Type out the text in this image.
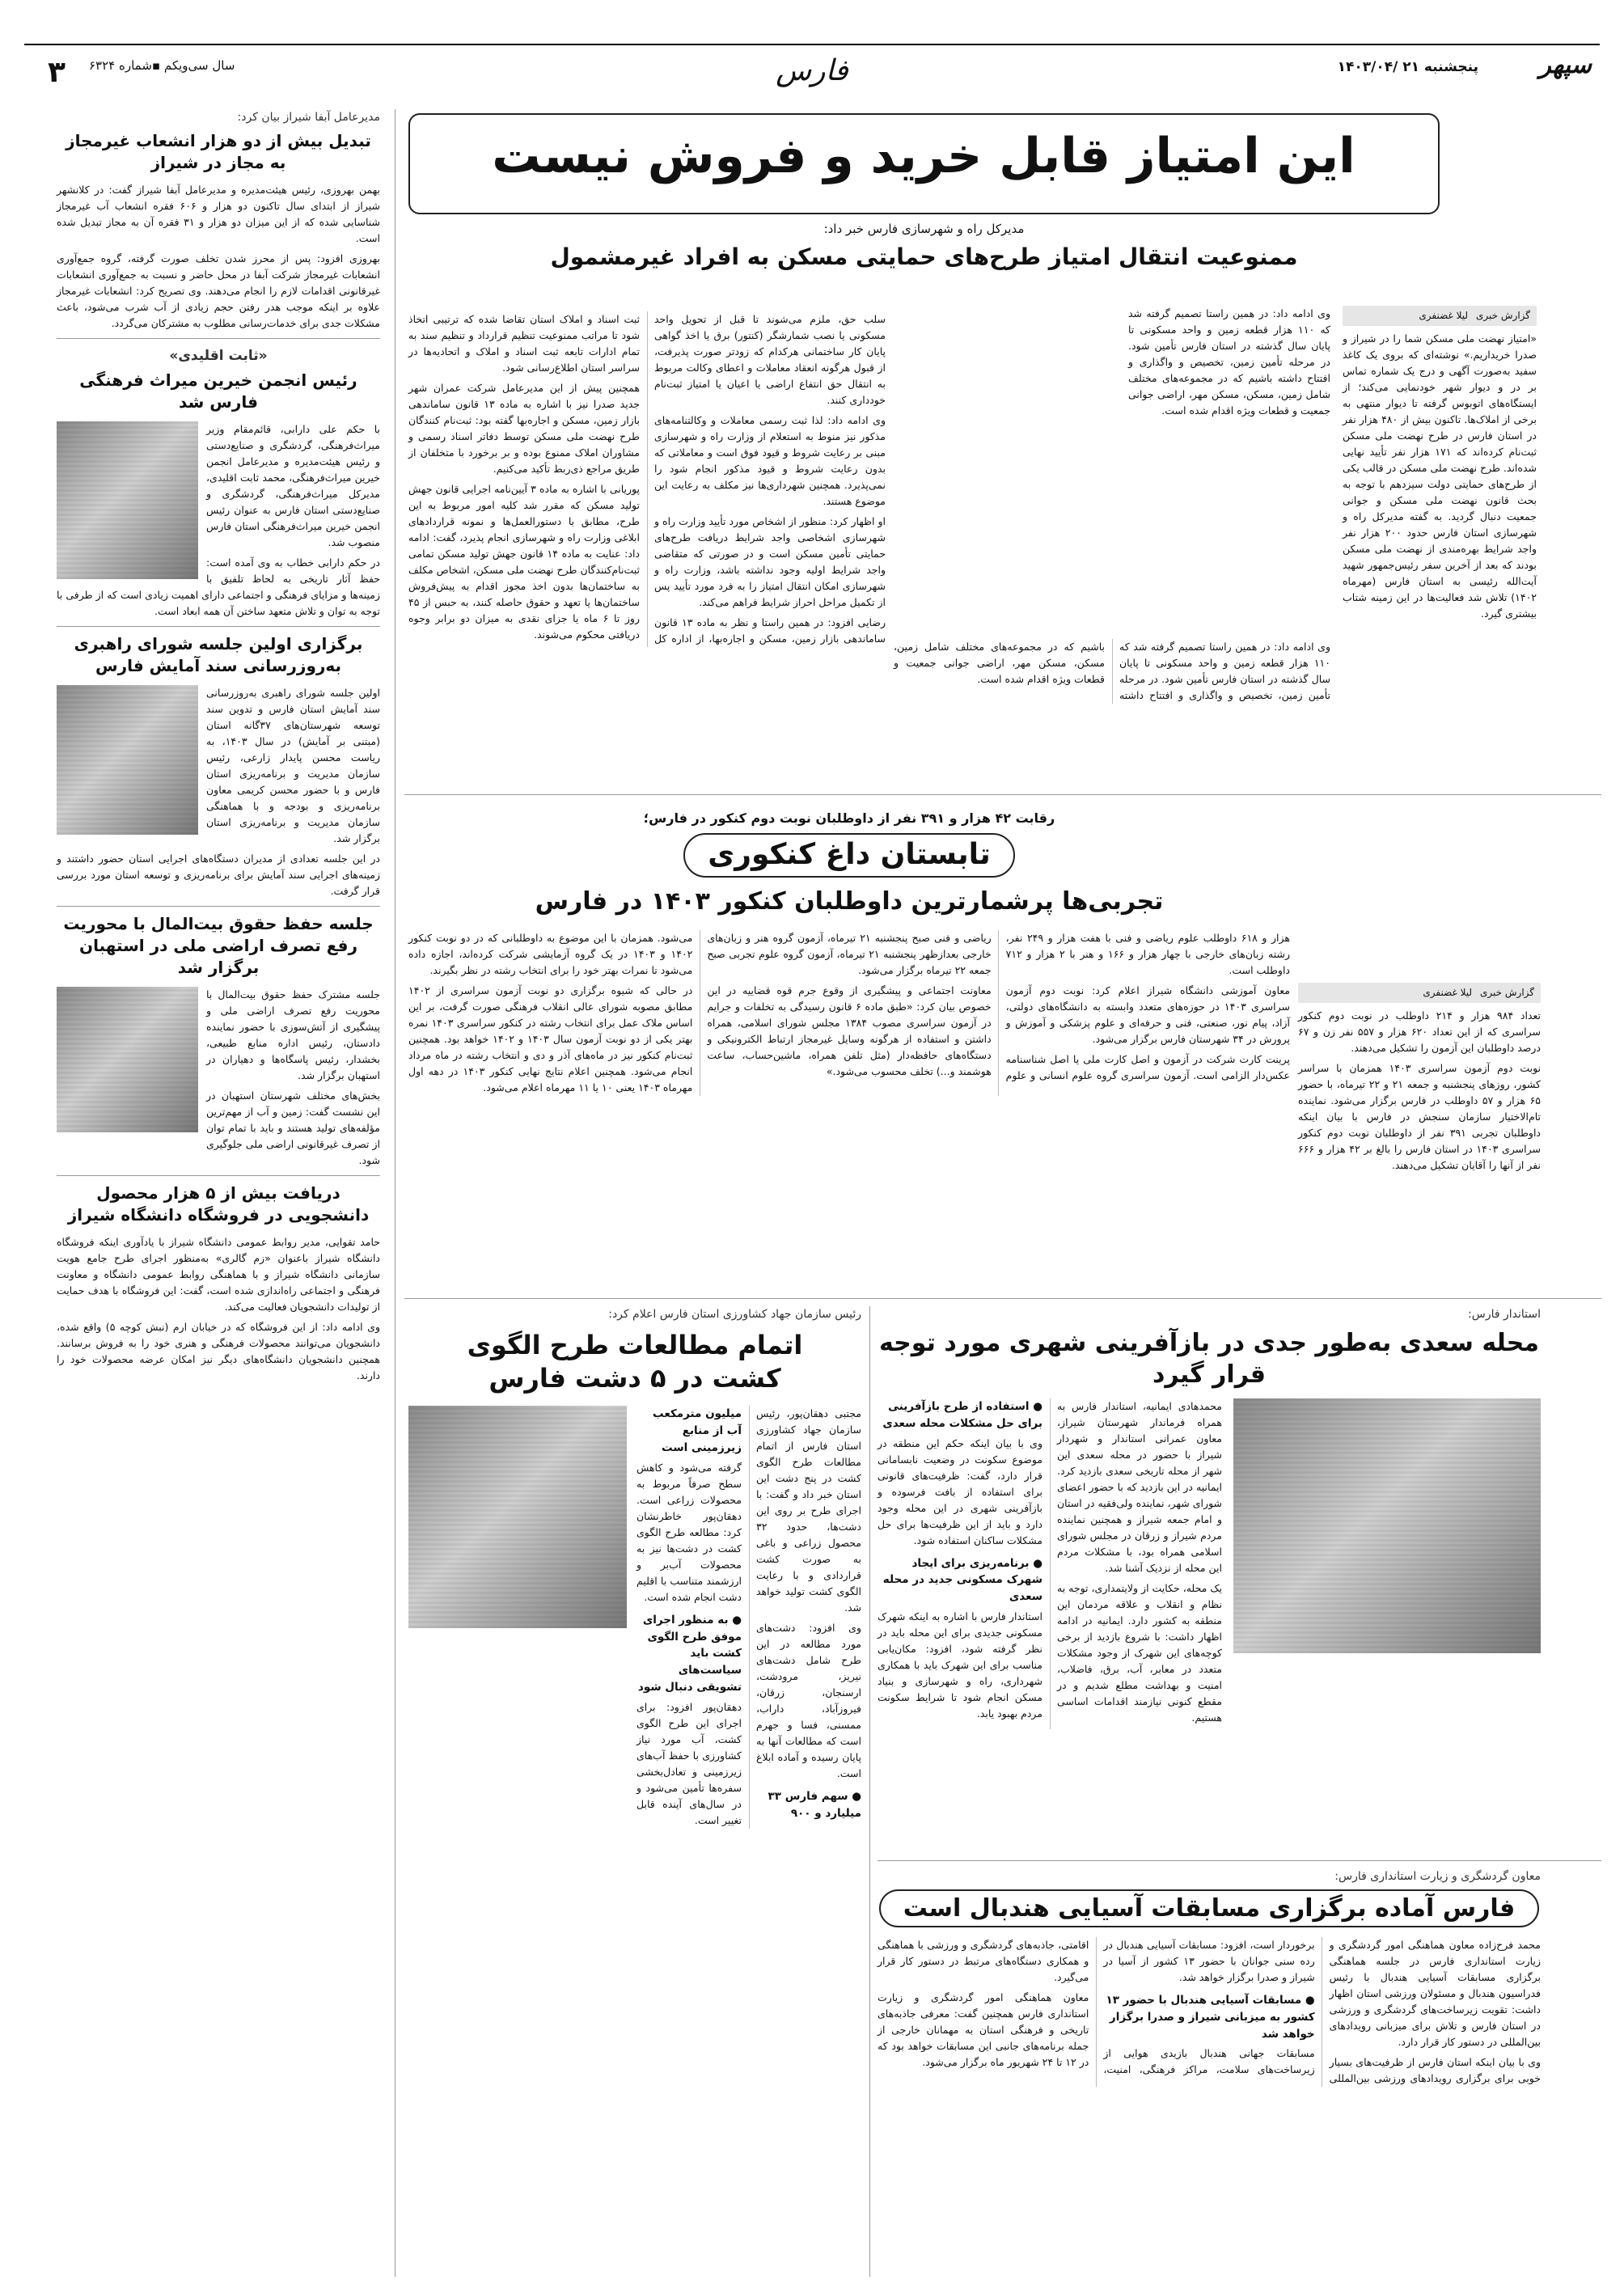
سپهر
پنجشنبه ۲۱ /۱۴۰۳/۰۴
فارس
سال سی‌ویکم ▪شماره ۶۳۲۴
۳

مدیرعامل آبفا شیراز بیان کرد:

تبدیل بیش از دو هزار انشعاب غیرمجاز به مجاز در شیراز

بهمن بهروزی، رئیس هیئت‌مدیره و مدیرعامل آبفا شیراز گفت: در کلانشهر شیراز از ابتدای سال تاکنون دو هزار و ۶۰۶ فقره انشعاب آب غیرمجاز شناسایی شده که از این میزان دو هزار و ۳۱ فقره آن به مجاز تبدیل شده است.

بهروزی افزود: پس از محرز شدن تخلف صورت گرفته، گروه جمع‌آوری انشعابات غیرمجاز شرکت آبفا در محل حاضر و نسبت به جمع‌آوری انشعابات غیرقانونی اقدامات لازم را انجام می‌دهند. وی تصریح کرد: انشعابات غیرمجاز علاوه بر اینکه موجب هدر رفتن حجم زیادی از آب شرب می‌شود، باعث مشکلات جدی برای خدمات‌رسانی مطلوب به مشترکان می‌گردد.

«ثابت اقلیدی»

رئیس انجمن خیرین میراث فرهنگی فارس شد

با حکم علی دارابی، قائم‌مقام وزیر میراث‌فرهنگی، گردشگری و صنایع‌دستی و رئیس هیئت‌مدیره و مدیرعامل انجمن خیرین میراث‌فرهنگی، محمد ثابت اقلیدی، مدیرکل میراث‌فرهنگی، گردشگری و صنایع‌دستی استان فارس به عنوان رئیس انجمن خیرین میراث‌فرهنگی استان فارس منصوب شد.

در حکم دارابی خطاب به وی آمده است: حفظ آثار تاریخی به لحاظ تلفیق با زمینه‌ها و مزایای فرهنگی و اجتماعی دارای اهمیت زیادی است که از طرفی با توجه به توان و تلاش متعهد ساختن آن همه ابعاد است.

برگزاری اولین جلسه شورای راهبری به‌روزرسانی سند آمایش فارس

اولین جلسه شورای راهبری به‌روزرسانی سند آمایش استان فارس و تدوین سند توسعه شهرستان‌های ۳۷گانه استان (مبتنی بر آمایش) در سال ۱۴۰۳، به ریاست محسن پایدار زارعی، رئیس سازمان مدیریت و برنامه‌ریزی استان فارس و با حضور محسن کریمی معاون برنامه‌ریزی و بودجه و با هماهنگی سازمان مدیریت و برنامه‌ریزی استان برگزار شد.

در این جلسه تعدادی از مدیران دستگاه‌های اجرایی استان حضور داشتند و زمینه‌های اجرایی سند آمایش برای برنامه‌ریزی و توسعه استان مورد بررسی قرار گرفت.

جلسه حفظ حقوق بیت‌المال با محوریت رفع تصرف اراضی ملی در استهبان برگزار شد

جلسه مشترک حفظ حقوق بیت‌المال با محوریت رفع تصرف اراضی ملی و پیشگیری از آتش‌سوزی با حضور نماینده دادستان، رئیس اداره منابع طبیعی، بخشدار، رئیس پاسگاه‌ها و دهیاران در استهبان برگزار شد.

بخش‌های مختلف شهرستان استهبان در این نشست گفت: زمین و آب از مهم‌ترین مؤلفه‌های تولید هستند و باید با تمام توان از تصرف غیرقانونی اراضی ملی جلوگیری شود.

دریافت بیش از ۵ هزار محصول دانشجویی در فروشگاه دانشگاه شیراز

حامد تقوایی، مدیر روابط عمومی دانشگاه شیراز با یادآوری اینکه فروشگاه دانشگاه شیراز باعنوان «زم گالری» به‌منظور اجرای طرح جامع هویت سازمانی دانشگاه شیراز و با هماهنگی روابط عمومی دانشگاه و معاونت فرهنگی و اجتماعی راه‌اندازی شده است، گفت: این فروشگاه با هدف حمایت از تولیدات دانشجویان فعالیت می‌کند.

وی ادامه داد: از این فروشگاه که در خیابان ارم (نبش کوچه ۵) واقع شده، دانشجویان می‌توانند محصولات فرهنگی و هنری خود را به فروش برسانند. همچنین دانشجویان دانشگاه‌های دیگر نیز امکان عرضه محصولات خود را دارند.

این امتیاز قابل خرید و فروش نیست
مدیرکل راه و شهرسازی فارس خبر داد:
ممنوعیت انتقال امتیاز طرح‌های حمایتی مسکن به افراد غیرمشمول
گزارش خبری
لیلا غضنفری

«امتیاز نهضت ملی مسکن شما را در شیراز و صدرا خریداریم.» نوشته‌ای که بروی یک کاغذ سفید به‌صورت آگهی و درج یک شماره تماس بر در و دیوار شهر خودنمایی می‌کند؛ از ایستگاه‌های اتوبوس گرفته تا دیوار منتهی به برخی از املاک‌ها. تاکنون بیش از ۴۸۰ هزار نفر در استان فارس در طرح نهضت ملی مسکن ثبت‌نام کرده‌اند که ۱۷۱ هزار نفر تأیید نهایی شده‌اند. طرح نهضت ملی مسکن در قالب یکی از طرح‌های حمایتی دولت سیزدهم با توجه به بحث قانون نهضت ملی مسکن و جوانی جمعیت دنبال گردید. به گفته مدیرکل راه و شهرسازی استان فارس حدود ۲۰۰ هزار نفر واجد شرایط بهره‌مندی از نهضت ملی مسکن بودند که بعد از آخرین سفر رئیس‌جمهور شهید آیت‌الله رئیسی به استان فارس (مهرماه ۱۴۰۲) تلاش شد فعالیت‌ها در این زمینه شتاب بیشتری گیرد.

وی ادامه داد: در همین راستا تصمیم گرفته شد که ۱۱۰ هزار قطعه زمین و واحد مسکونی تا پایان سال گذشته در استان فارس تأمین شود. در مرحله تأمین زمین، تخصیص و واگذاری و افتتاح داشته باشیم که در مجموعه‌های مختلف شامل زمین، مسکن، مسکن مهر، اراضی جوانی جمعیت و قطعات ویژه اقدام شده است.

عکس: بخشی از اسناد

وی ادامه داد: در همین راستا تصمیم گرفته شد که ۱۱۰ هزار قطعه زمین و واحد مسکونی تا پایان سال گذشته در استان فارس تأمین شود. در مرحله تأمین زمین، تخصیص و واگذاری و افتتاح داشته باشیم که در مجموعه‌های مختلف شامل زمین، مسکن، مسکن مهر، اراضی جوانی جمعیت و قطعات ویژه اقدام شده است.

سلب حق، ملزم می‌شوند تا قبل از تحویل واحد مسکونی یا نصب شمارشگر (کنتور) برق یا اخذ گواهی پایان کار ساختمانی هرکدام که زودتر صورت پذیرفت، از قبول هرگونه انعقاد معاملات و اعطای وکالت مربوط به انتقال حق انتفاع اراضی یا اعیان یا امتیاز ثبت‌نام خودداری کنند.

وی ادامه داد: لذا ثبت رسمی معاملات و وکالتنامه‌های مذکور نیز منوط به استعلام از وزارت راه و شهرسازی مبنی بر رعایت شروط و قیود فوق است و معاملاتی که بدون رعایت شروط و قیود مذکور انجام شود را نمی‌پذیرد. همچنین شهرداری‌ها نیز مکلف به رعایت این موضوع هستند.

او اظهار کرد: منظور از اشخاص مورد تأیید وزارت راه و شهرسازی اشخاصی واجد شرایط دریافت طرح‌های حمایتی تأمین مسکن است و در صورتی که متقاضی واجد شرایط اولیه وجود نداشته باشد، وزارت راه و شهرسازی امکان انتقال امتیاز را به فرد مورد تأیید پس از تکمیل مراحل احراز شرایط فراهم می‌کند.

رضایی افزود: در همین راستا و نظر به ماده ۱۳ قانون ساماندهی بازار زمین، مسکن و اجاره‌بها، از اداره کل ثبت اسناد و املاک استان تقاضا شده که ترتیبی اتخاذ شود تا مراتب ممنوعیت تنظیم قرارداد و تنظیم سند به تمام ادارات تابعه ثبت اسناد و املاک و اتحادیه‌ها در سراسر استان اطلاع‌رسانی شود.

همچنین پیش از این مدیرعامل شرکت عمران شهر جدید صدرا نیز با اشاره به ماده ۱۳ قانون ساماندهی بازار زمین، مسکن و اجاره‌بها گفته بود: ثبت‌نام کنندگان طرح نهضت ملی مسکن توسط دفاتر اسناد رسمی و مشاوران املاک ممنوع بوده و بر برخورد با متخلفان از طریق مراجع ذی‌ربط تأکید می‌کنیم.

پوریانی با اشاره به ماده ۳ آیین‌نامه اجرایی قانون جهش تولید مسکن که مقرر شد کلیه امور مربوط به این طرح، مطابق با دستورالعمل‌ها و نمونه قراردادهای ابلاغی وزارت راه و شهرسازی انجام پذیرد، گفت: ادامه داد: عنایت به ماده ۱۴ قانون جهش تولید مسکن تمامی ثبت‌نام‌کنندگان طرح نهضت ملی مسکن، اشخاص مکلف به ساختمان‌ها بدون اخذ مجوز اقدام به پیش‌فروش ساختمان‌ها یا تعهد و حقوق حاصله کنند، به حبس از ۴۵ روز تا ۶ ماه یا جزای نقدی به میزان دو برابر وجوه دریافتی محکوم می‌شوند.

رقابت ۴۲ هزار و ۳۹۱ نفر از داوطلبان نوبت دوم کنکور در فارس؛
تابستان داغ کنکوری
تجربی‌ها پرشمارترین داوطلبان کنکور ۱۴۰۳ در فارس
گزارش خبری
لیلا غضنفری

تعداد ۹۸۴ هزار و ۲۱۴ داوطلب در نوبت دوم کنکور سراسری که از این تعداد ۶۲۰ هزار و ۵۵۷ نفر زن و ۶۷ درصد داوطلبان این آزمون را تشکیل می‌دهند.

نوبت دوم آزمون سراسری ۱۴۰۳ همزمان با سراسر کشور، روزهای پنجشنبه و جمعه ۲۱ و ۲۲ تیرماه، با حضور ۶۵ هزار و ۵۷ داوطلب در فارس برگزار می‌شود. نماینده تام‌الاختیار سازمان سنجش در فارس با بیان اینکه داوطلبان تجربی ۳۹۱ نفر از داوطلبان نوبت دوم کنکور سراسری ۱۴۰۳ در استان فارس را بالغ بر ۴۲ هزار و ۶۶۶ نفر از آنها را آقایان تشکیل می‌دهند.

هزار و ۶۱۸ داوطلب علوم ریاضی و فنی با هفت هزار و ۲۴۹ نفر، رشته زبان‌های خارجی با چهار هزار و ۱۶۶ و هنر با ۲ هزار و ۷۱۲ داوطلب است.

معاون آموزشی دانشگاه شیراز اعلام کرد: نوبت دوم آزمون سراسری ۱۴۰۳ در حوزه‌های متعدد وابسته به دانشگاه‌های دولتی، آزاد، پیام نور، صنعتی، فنی و حرفه‌ای و علوم پزشکی و آموزش و پرورش در ۳۴ شهرستان فارس برگزار می‌شود.

پرینت کارت شرکت در آزمون و اصل کارت ملی یا اصل شناسنامه عکس‌دار الزامی است. آزمون سراسری گروه علوم انسانی و علوم ریاضی و فنی صبح پنجشنبه ۲۱ تیرماه، آزمون گروه هنر و زبان‌های خارجی بعدازظهر پنجشنبه ۲۱ تیرماه، آزمون گروه علوم تجربی صبح جمعه ۲۲ تیرماه برگزار می‌شود.

معاونت اجتماعی و پیشگیری از وقوع جرم قوه قضاییه در این خصوص بیان کرد: «طبق ماده ۶ قانون رسیدگی به تخلفات و جرایم در آزمون سراسری مصوب ۱۳۸۴ مجلس شورای اسلامی، همراه داشتن و استفاده از هرگونه وسایل غیرمجاز ارتباط الکترونیکی و دستگاه‌های حافظه‌دار (مثل تلفن همراه، ماشین‌حساب، ساعت هوشمند و...) تخلف محسوب می‌شود.»

می‌شود. همزمان با این موضوع به داوطلبانی که در دو نوبت کنکور ۱۴۰۲ و ۱۴۰۳ در یک گروه آزمایشی شرکت کرده‌اند، اجازه داده می‌شود تا نمرات بهتر خود را برای انتخاب رشته در نظر بگیرند.

در حالی که شیوه برگزاری دو نوبت آزمون سراسری از ۱۴۰۲ مطابق مصوبه شورای عالی انقلاب فرهنگی صورت گرفت، بر این اساس ملاک عمل برای انتخاب رشته در کنکور سراسری ۱۴۰۳ نمره بهتر یکی از دو نوبت آزمون سال ۱۴۰۳ و ۱۴۰۲ خواهد بود. همچنین ثبت‌نام کنکور نیز در ماه‌های آذر و دی و انتخاب رشته در ماه مرداد انجام می‌شود. همچنین اعلام نتایج نهایی کنکور ۱۴۰۳ در دهه اول مهرماه ۱۴۰۳ یعنی ۱۰ یا ۱۱ مهرماه اعلام می‌شود.

استاندار فارس:

محله سعدی به‌طور جدی در بازآفرینی شهری مورد توجه قرار گیرد

محمدهادی ایمانیه، استاندار فارس به همراه فرماندار شهرستان شیراز، معاون عمرانی استاندار و شهردار شیراز با حضور در محله سعدی این شهر از محله تاریخی سعدی بازدید کرد. ایمانیه در این بازدید که با حضور اعضای شورای شهر، نماینده ولی‌فقیه در استان و امام جمعه شیراز و همچنین نماینده مردم شیراز و زرقان در مجلس شورای اسلامی همراه بود، با مشکلات مردم این محله از نزدیک آشنا شد.

یک محله، حکایت از ولایتمداری، توجه به نظام و انقلاب و علاقه مردمان این منطقه به کشور دارد. ایمانیه در ادامه اظهار داشت: با شروع بازدید از برخی کوچه‌های این شهرک از وجود مشکلات متعدد در معابر، آب، برق، فاضلاب، امنیت و بهداشت مطلع شدیم و در مقطع کنونی نیازمند اقدامات اساسی هستیم.

● استفاده از طرح بازآفرینی برای حل مشکلات محله سعدی

وی با بیان اینکه حکم این منطقه در موضوع سکونت در وضعیت نابسامانی قرار دارد، گفت: ظرفیت‌های قانونی برای استفاده از بافت فرسوده و بازآفرینی شهری در این محله وجود دارد و باید از این ظرفیت‌ها برای حل مشکلات ساکنان استفاده شود.

● برنامه‌ریزی برای ایجاد شهرک مسکونی جدید در محله سعدی

استاندار فارس با اشاره به اینکه شهرک مسکونی جدیدی برای این محله باید در نظر گرفته شود، افزود: مکان‌یابی مناسب برای این شهرک باید با همکاری شهرداری، راه و شهرسازی و بنیاد مسکن انجام شود تا شرایط سکونت مردم بهبود یابد.

رئیس سازمان جهاد کشاورزی استان فارس اعلام کرد:

اتمام مطالعات طرح الگوی کشت در ۵ دشت فارس

مجتبی دهقان‌پور، رئیس سازمان جهاد کشاورزی استان فارس از اتمام مطالعات طرح الگوی کشت در پنج دشت این استان خبر داد و گفت: با اجرای طرح بر روی این دشت‌ها، حدود ۳۲ محصول زراعی و باغی به صورت کشت قراردادی و با رعایت الگوی کشت تولید خواهد شد.

وی افزود: دشت‌های مورد مطالعه در این طرح شامل دشت‌های نیریز، مرودشت، ارسنجان، زرقان، فیروزآباد، داراب، ممسنی، فسا و جهرم است که مطالعات آنها به پایان رسیده و آماده ابلاغ است.

● سهم فارس ۳۳ میلیارد و ۹۰۰ میلیون مترمکعب آب از منابع زیرزمینی است

گرفته می‌شود و کاهش سطح صرفاً مربوط به محصولات زراعی است. دهقان‌پور خاطرنشان کرد: مطالعه طرح الگوی کشت در دشت‌ها نیز به محصولات آب‌بر و ارزشمند متناسب با اقلیم دشت انجام شده است.

● به منظور اجرای موفق طرح الگوی کشت باید سیاست‌های تشویقی دنبال شود

دهقان‌پور افزود: برای اجرای این طرح الگوی کشت، آب مورد نیاز کشاورزی با حفظ آب‌های زیرزمینی و تعادل‌بخشی سفره‌ها تأمین می‌شود و در سال‌های آینده قابل تغییر است.

معاون گردشگری و زیارت استانداری فارس:

فارس آماده برگزاری مسابقات آسیایی هندبال است

محمد فرح‌زاده معاون هماهنگی امور گردشگری و زیارت استانداری فارس در جلسه هماهنگی برگزاری مسابقات آسیایی هندبال با رئیس فدراسیون هندبال و مسئولان ورزشی استان اظهار داشت: تقویت زیرساخت‌های گردشگری و ورزشی در استان فارس و تلاش برای میزبانی رویدادهای بین‌المللی در دستور کار قرار دارد.

وی با بیان اینکه استان فارس از ظرفیت‌های بسیار خوبی برای برگزاری رویدادهای ورزشی بین‌المللی برخوردار است، افزود: مسابقات آسیایی هندبال در رده سنی جوانان با حضور ۱۳ کشور از آسیا در شیراز و صدرا برگزار خواهد شد.

● مسابقات آسیایی هندبال با حضور ۱۳ کشور به میزبانی شیراز و صدرا برگزار خواهد شد

مسابقات جهانی هندبال بازیدی هوایی از زیرساخت‌های سلامت، مراکز فرهنگی، امنیت، اقامتی، جاذبه‌های گردشگری و ورزشی با هماهنگی و همکاری دستگاه‌های مرتبط در دستور کار قرار می‌گیرد.

معاون هماهنگی امور گردشگری و زیارت استانداری فارس همچنین گفت: معرفی جاذبه‌های تاریخی و فرهنگی استان به مهمانان خارجی از جمله برنامه‌های جانبی این مسابقات خواهد بود که در ۱۲ تا ۲۴ شهریور ماه برگزار می‌شود.
